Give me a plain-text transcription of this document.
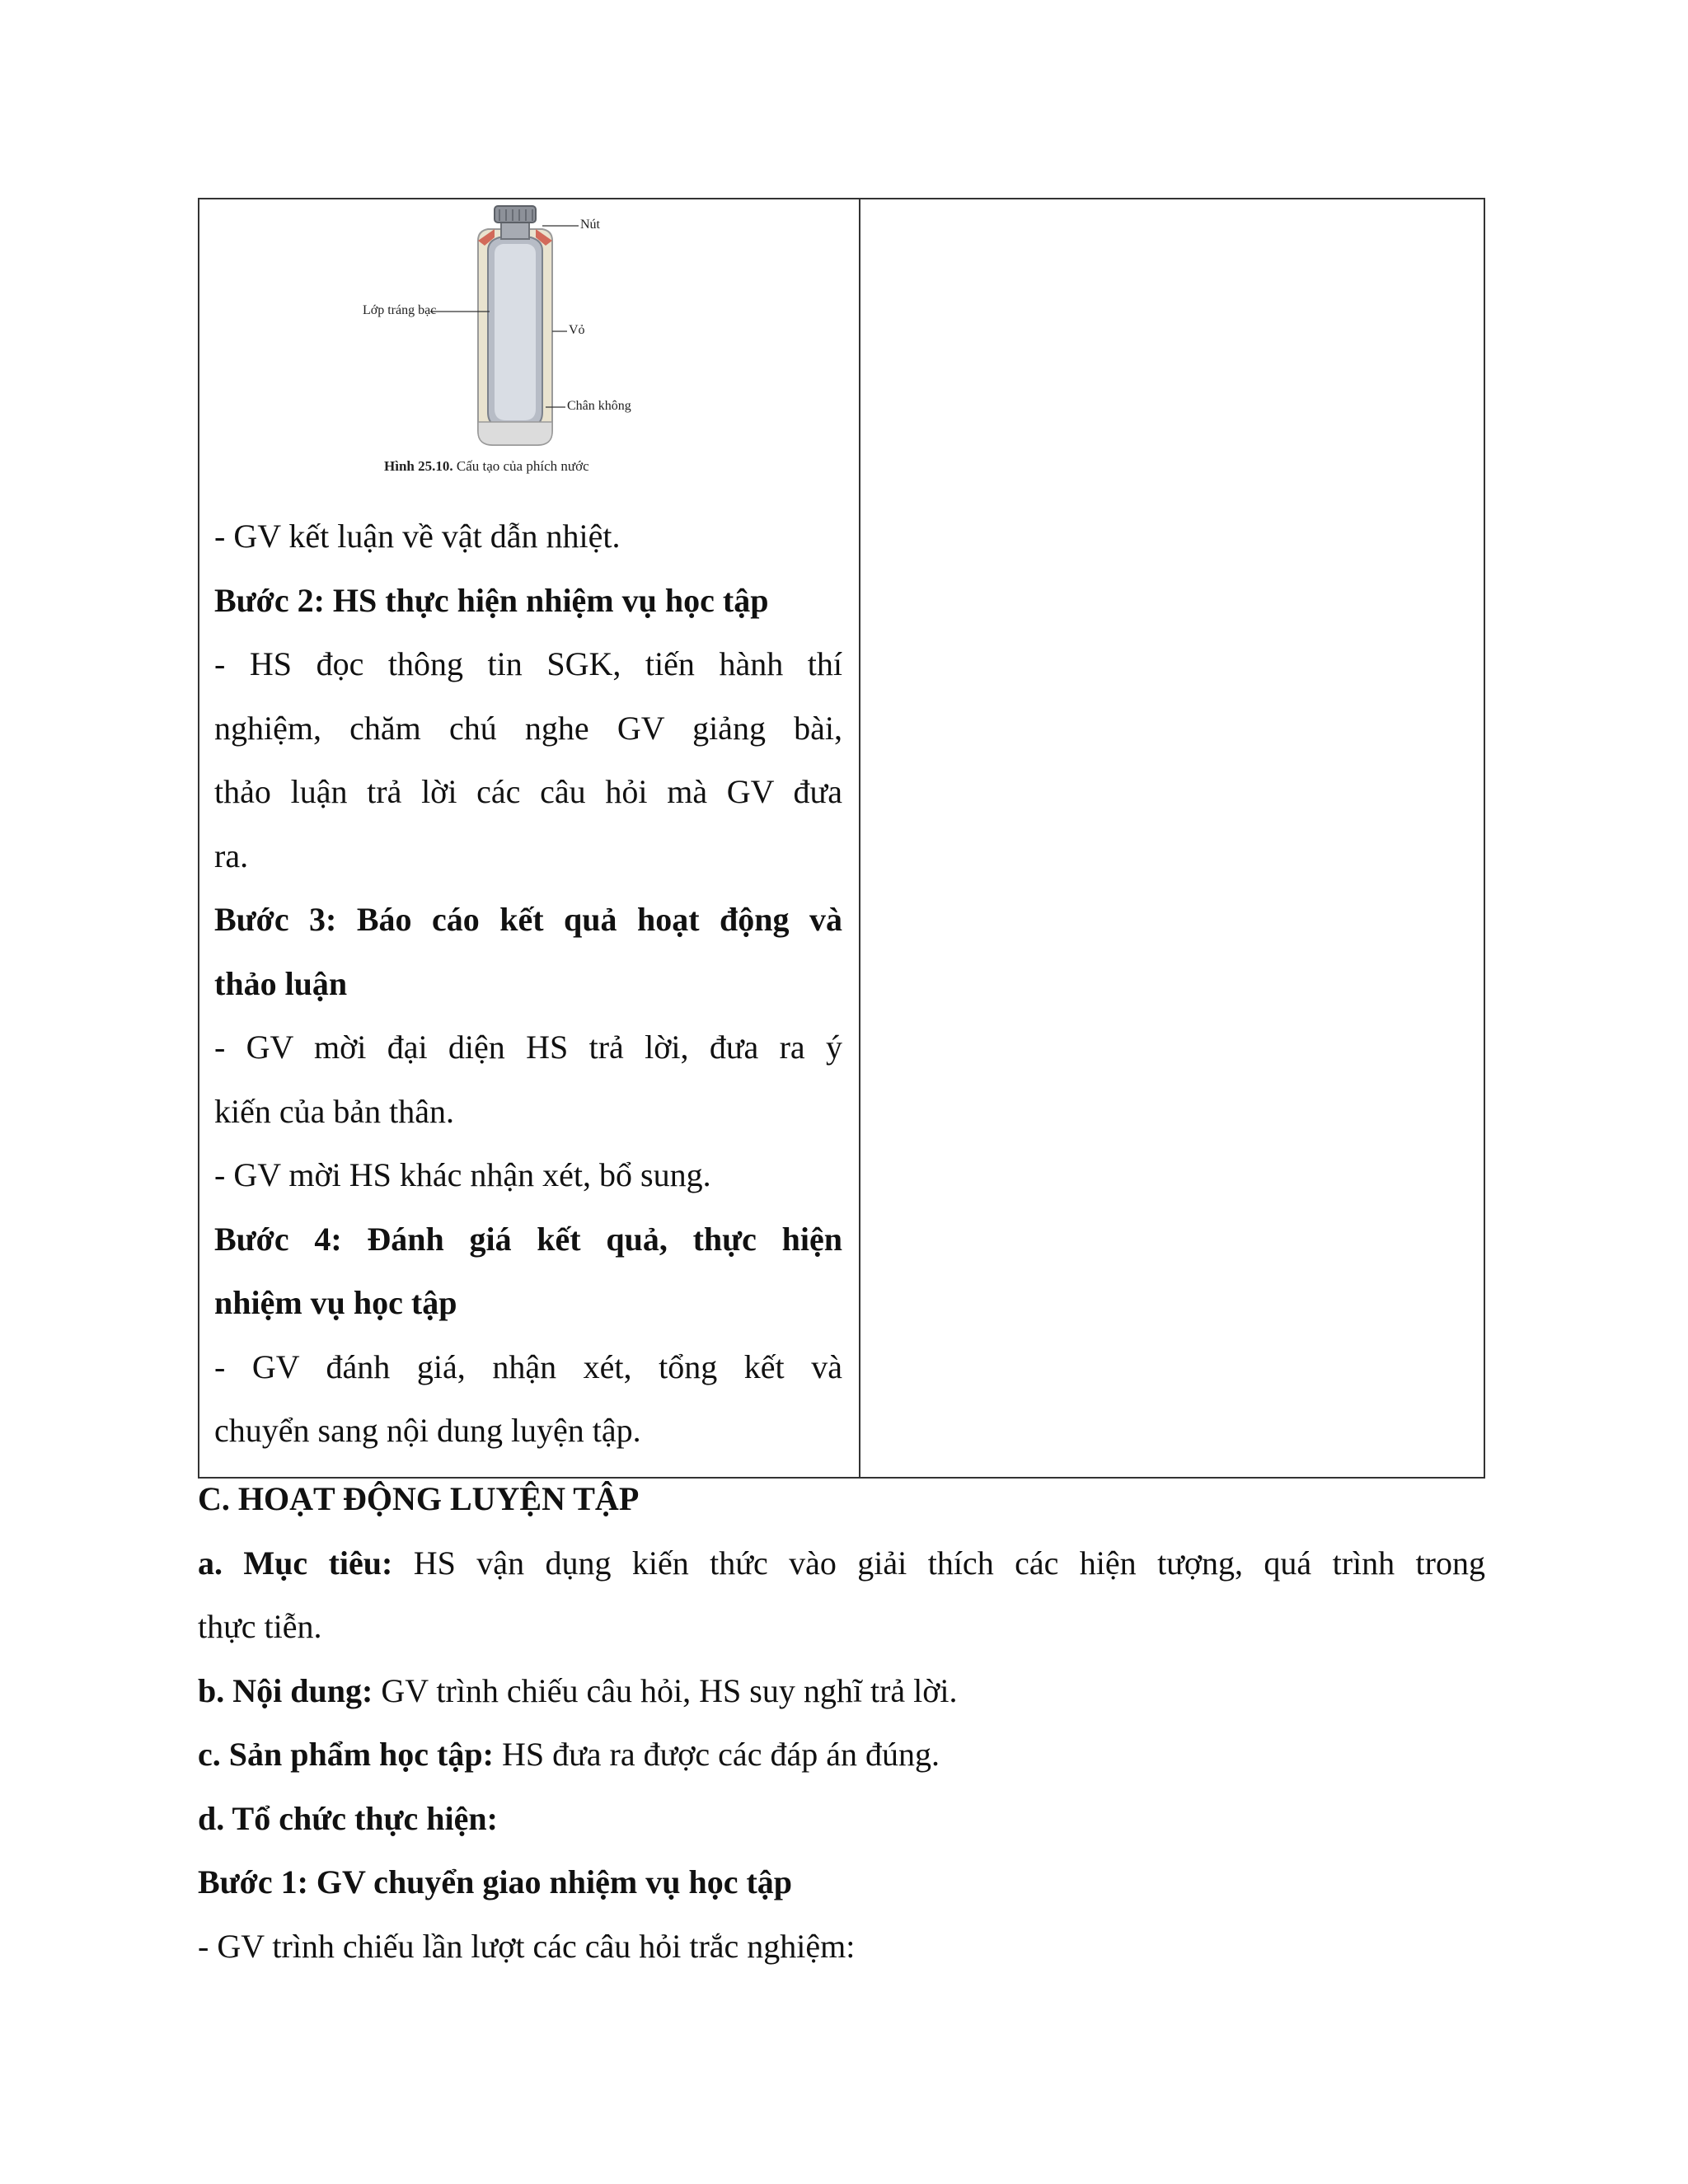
Nút
Lớp tráng bạc
Vỏ
Chân không
Hình 25.10. Cấu tạo của phích nước
- GV kết luận về vật dẫn nhiệt.
Bước 2: HS thực hiện nhiệm vụ học tập
- HS đọc thông tin SGK, tiến hành thí
nghiệm, chăm chú nghe GV giảng bài,
thảo luận trả lời các câu hỏi mà GV đưa
ra.
Bước 3: Báo cáo kết quả hoạt động và
thảo luận
- GV mời đại diện HS trả lời, đưa ra ý
kiến của bản thân.
- GV mời HS khác nhận xét, bổ sung.
Bước 4: Đánh giá kết quả, thực hiện
nhiệm vụ học tập
- GV đánh giá, nhận xét, tổng kết và
chuyển sang nội dung luyện tập.
C. HOẠT ĐỘNG LUYỆN TẬP
a. Mục tiêu: HS vận dụng kiến thức vào giải thích các hiện tượng, quá trình trong
thực tiễn.
b. Nội dung: GV trình chiếu câu hỏi, HS suy nghĩ trả lời.
c. Sản phẩm học tập: HS đưa ra được các đáp án đúng.
d. Tổ chức thực hiện:
Bước 1: GV chuyển giao nhiệm vụ học tập
- GV trình chiếu lần lượt các câu hỏi trắc nghiệm:
